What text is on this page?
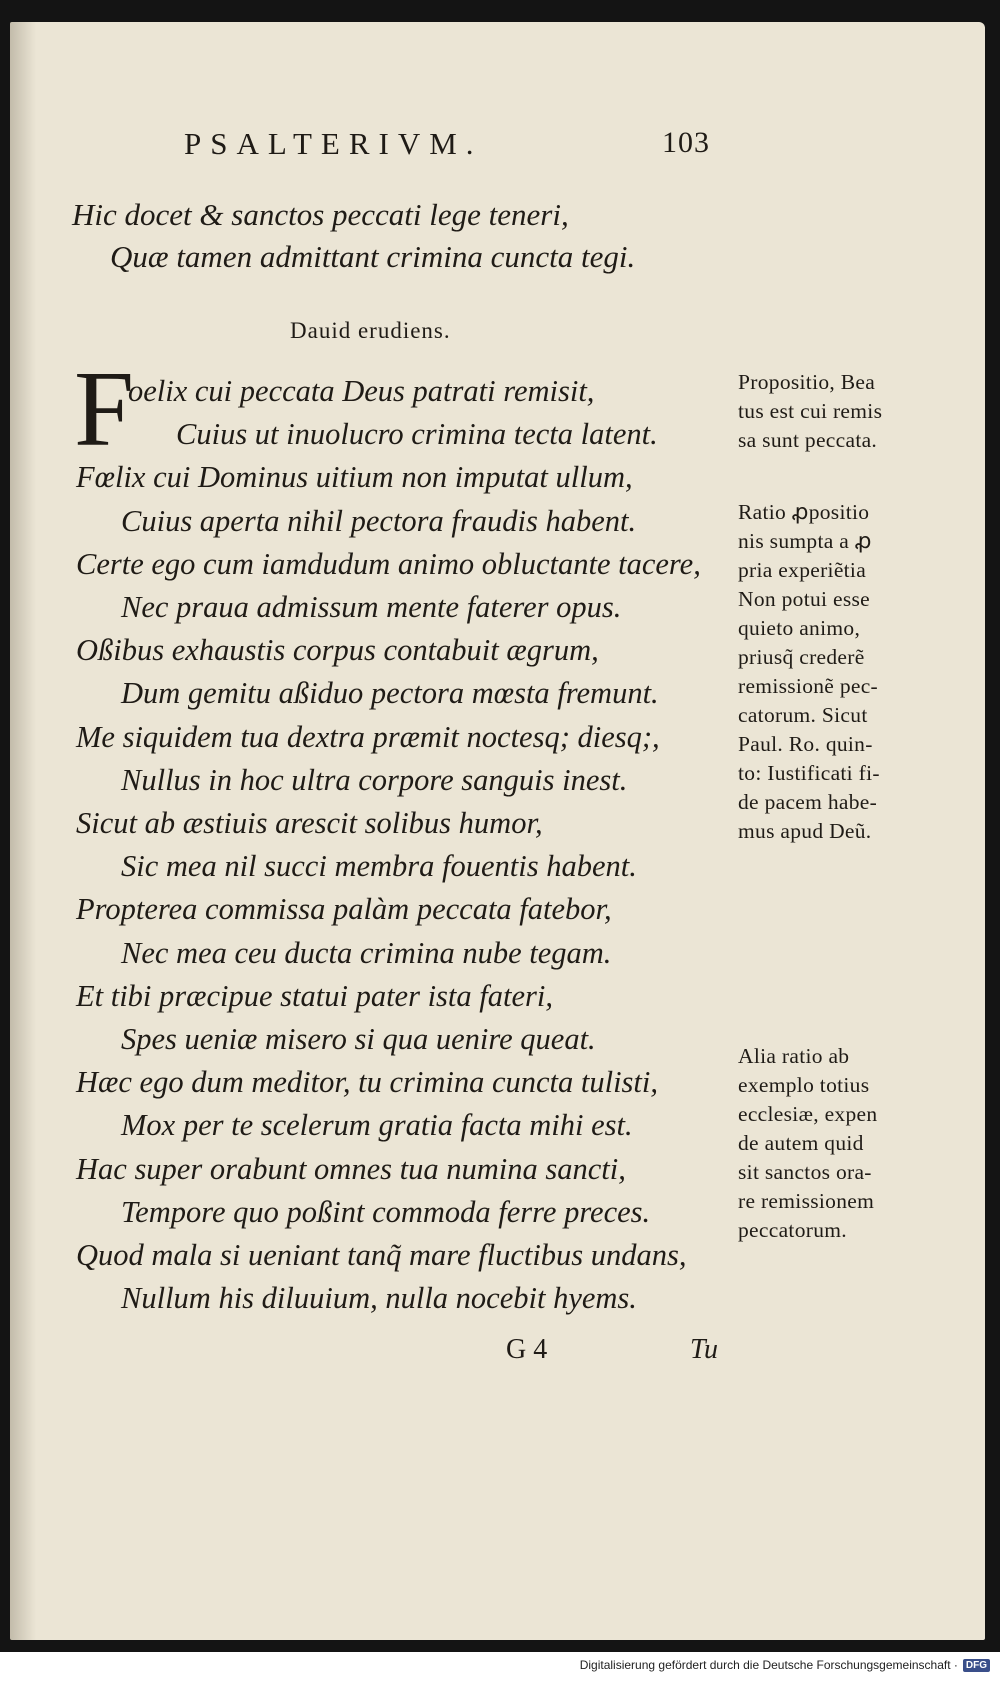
PSALTERIVM.	103
Hic docet & sanctos peccati lege teneri,
Quæ tamen admittant crimina cuncta tegi.
Dauid erudiens.
F
oelix cui peccata Deus patrati remisit,
Cuius ut inuolucro crimina tecta latent.
Fœlix cui Dominus uitium non imputat ullum,
Cuius aperta nihil pectora fraudis habent.
Certe ego cum iamdudum animo obluctante tacere,
Nec praua admissum mente faterer opus.
Oßibus exhaustis corpus contabuit ægrum,
Dum gemitu aßiduo pectora mœsta fremunt.
Me siquidem tua dextra præmit noctesq; diesq;,
Nullus in hoc ultra corpore sanguis inest.
Sicut ab æstiuis arescit solibus humor,
Sic mea nil succi membra fouentis habent.
Propterea commissa palàm peccata fatebor,
Nec mea ceu ducta crimina nube tegam.
Et tibi præcipue statui pater ista fateri,
Spes ueniæ misero si qua uenire queat.
Hæc ego dum meditor, tu crimina cuncta tulisti,
Mox per te scelerum gratia facta mihi est.
Hac super orabunt omnes tua numina sancti,
Tempore quo poßint commoda ferre preces.
Quod mala si ueniant tanq̃ mare fluctibus undans,
Nullum his diluuium, nulla nocebit hyems.
Propositio, Bea
tus est cui remis
sa sunt peccata.
Ratio ꝓpositio
nis sumpta a ꝓ
pria experiẽtia
Non potui esse
quieto animo,
priusq̃ crederẽ
remissionẽ pec-
catorum. Sicut
Paul. Ro. quin-
to: Iustificati fi-
de pacem habe-
mus apud Deũ.
Alia ratio ab
exemplo totius
ecclesiæ, expen
de autem quid
sit sanctos ora-
re remissionem
peccatorum.
G 4	Tu
Digitalisierung gefördert durch die Deutsche Forschungsgemeinschaft · DFG
